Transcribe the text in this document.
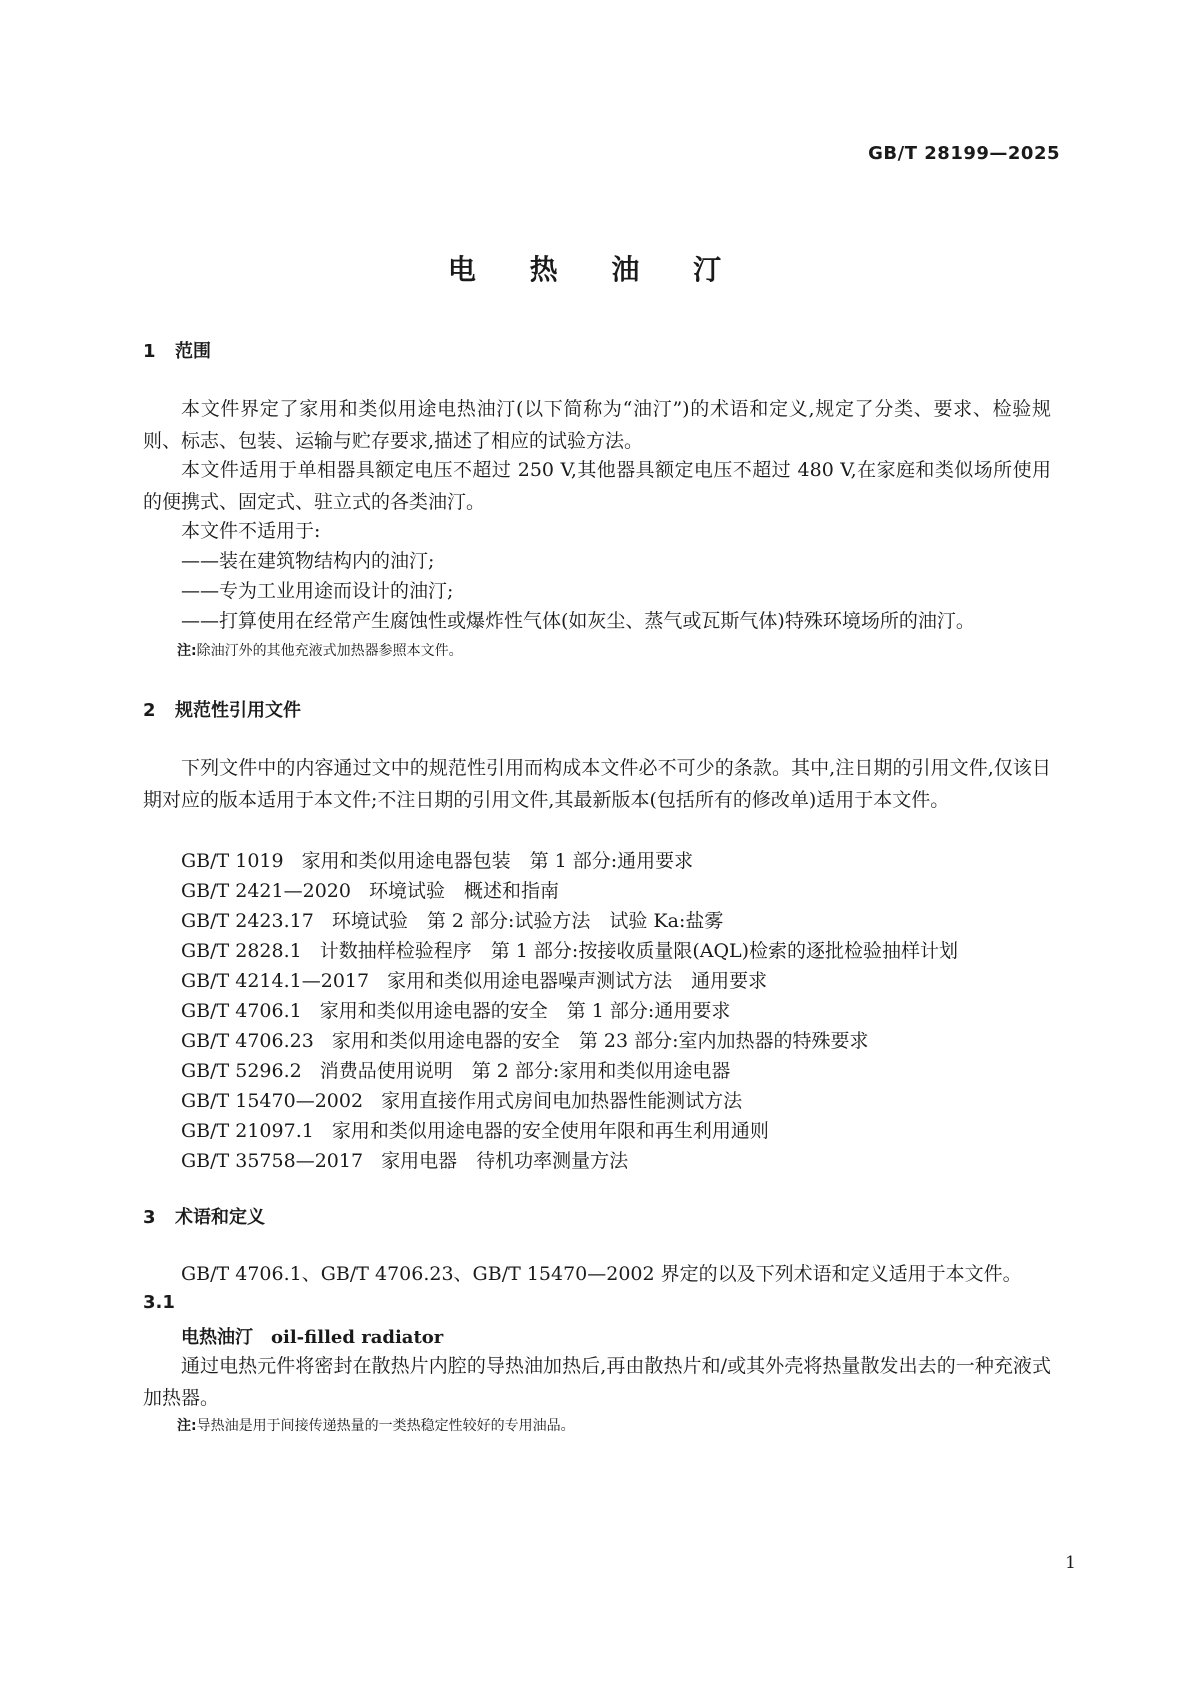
GB/T 28199—2025
电 热 油 汀
1 范围
本文件界定了家用和类似用途电热油汀(以下简称为“油汀”)的术语和定义,规定了分类、要求、检验规则、标志、包装、运输与贮存要求,描述了相应的试验方法。
本文件适用于单相器具额定电压不超过 250 V,其他器具额定电压不超过 480 V,在家庭和类似场所使用的便携式、固定式、驻立式的各类油汀。
本文件不适用于:
——装在建筑物结构内的油汀;
——专为工业用途而设计的油汀;
——打算使用在经常产生腐蚀性或爆炸性气体(如灰尘、蒸气或瓦斯气体)特殊环境场所的油汀。
注:除油汀外的其他充液式加热器参照本文件。
2 规范性引用文件
下列文件中的内容通过文中的规范性引用而构成本文件必不可少的条款。其中,注日期的引用文件,仅该日期对应的版本适用于本文件;不注日期的引用文件,其最新版本(包括所有的修改单)适用于本文件。
GB/T 1019 家用和类似用途电器包装　第 1 部分:通用要求
GB/T 2421—2020 环境试验　概述和指南
GB/T 2423.17 环境试验　第 2 部分:试验方法　试验 Ka:盐雾
GB/T 2828.1 计数抽样检验程序　第 1 部分:按接收质量限(AQL)检索的逐批检验抽样计划
GB/T 4214.1—2017 家用和类似用途电器噪声测试方法　通用要求
GB/T 4706.1 家用和类似用途电器的安全　第 1 部分:通用要求
GB/T 4706.23 家用和类似用途电器的安全　第 23 部分:室内加热器的特殊要求
GB/T 5296.2 消费品使用说明　第 2 部分:家用和类似用途电器
GB/T 15470—2002 家用直接作用式房间电加热器性能测试方法
GB/T 21097.1 家用和类似用途电器的安全使用年限和再生利用通则
GB/T 35758—2017 家用电器　待机功率测量方法
3 术语和定义
GB/T 4706.1、GB/T 4706.23、GB/T 15470—2002 界定的以及下列术语和定义适用于本文件。
3.1
电热油汀 oil-filled radiator
通过电热元件将密封在散热片内腔的导热油加热后,再由散热片和/或其外壳将热量散发出去的一种充液式加热器。
注:导热油是用于间接传递热量的一类热稳定性较好的专用油品。
1
